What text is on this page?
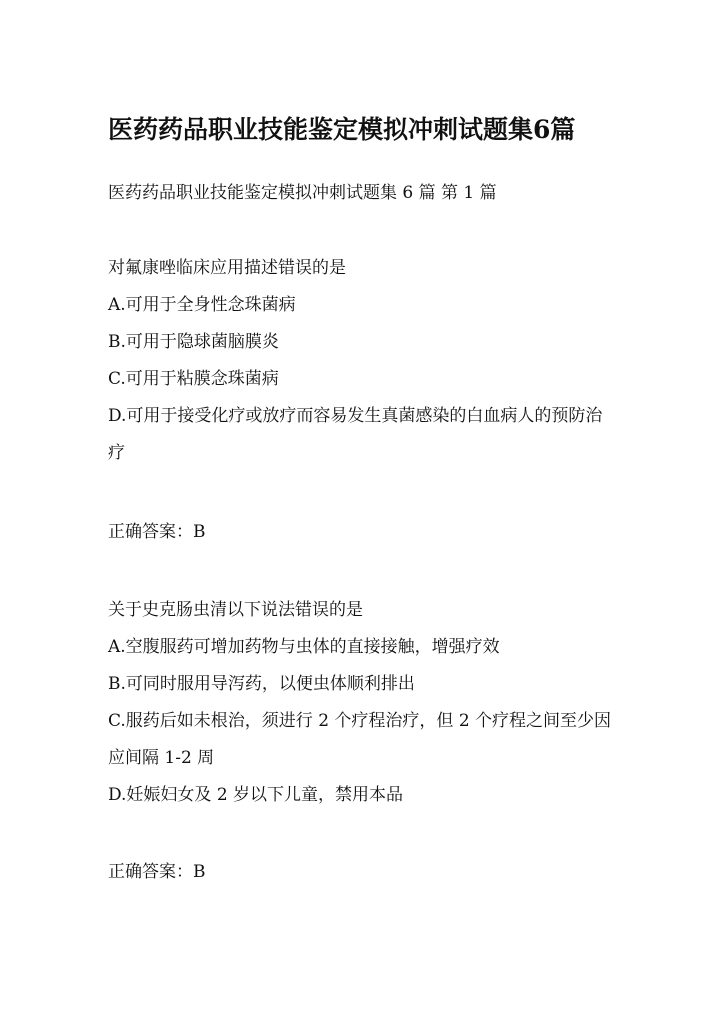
医药药品职业技能鉴定模拟冲刺试题集6篇
医药药品职业技能鉴定模拟冲刺试题集 6 篇 第 1 篇
对氟康唑临床应用描述错误的是
A.可用于全身性念珠菌病
B.可用于隐球菌脑膜炎
C.可用于粘膜念珠菌病
D.可用于接受化疗或放疗而容易发生真菌感染的白血病人的预防治疗
正确答案：B
关于史克肠虫清以下说法错误的是
A.空腹服药可增加药物与虫体的直接接触，增强疗效
B.可同时服用导泻药，以便虫体顺利排出
C.服药后如未根治，须进行 2 个疗程治疗，但 2 个疗程之间至少因应间隔 1-2 周
D.妊娠妇女及 2 岁以下儿童，禁用本品
正确答案：B
